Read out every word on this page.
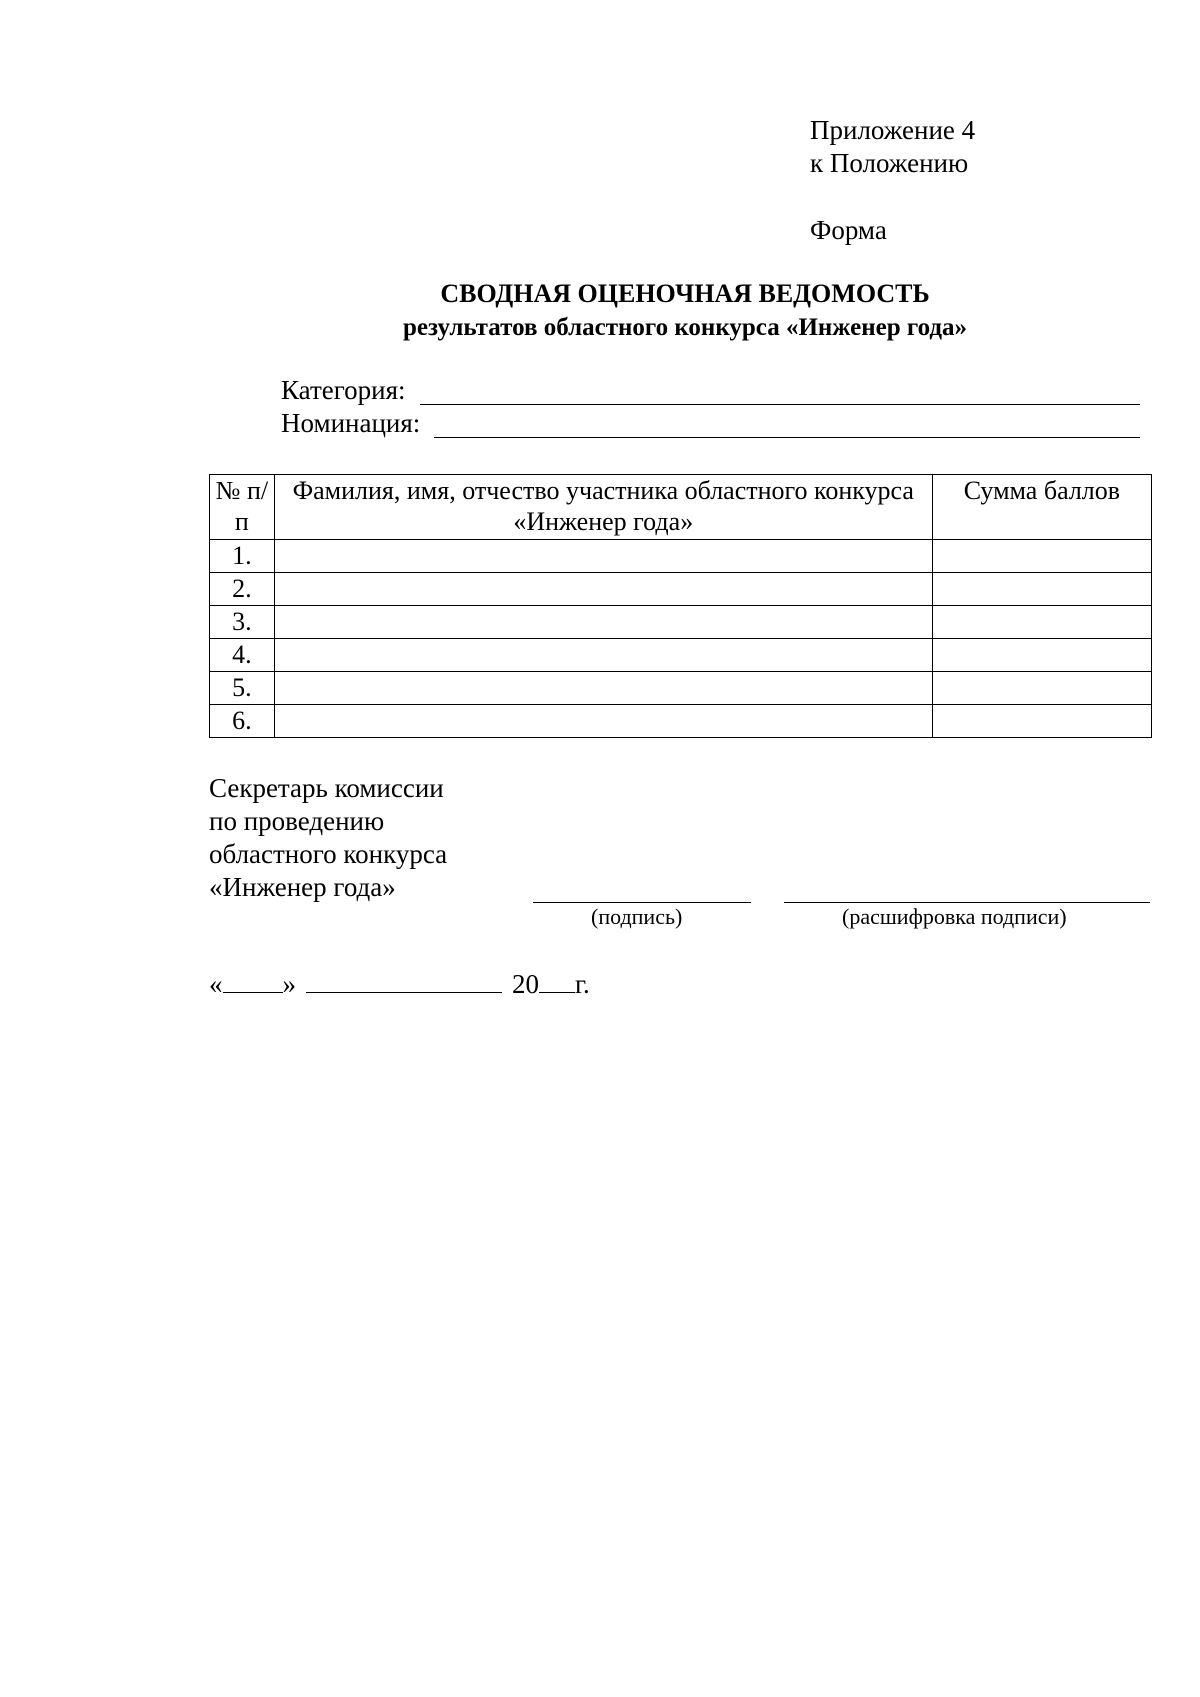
Приложение 4
к Положению
Форма
СВОДНАЯ ОЦЕНОЧНАЯ ВЕДОМОСТЬ
результатов областного конкурса «Инженер года»
Категория:
Номинация:
№ п/п	Фамилия, имя, отчество участника областного конкурса «Инженер года»	Сумма баллов
1.		
2.		
3.		
4.		
5.		
6.		
Секретарь комиссии
по проведению
областного конкурса
«Инженер года»
(подпись)	(расшифровка подписи)
« »	20 г.
